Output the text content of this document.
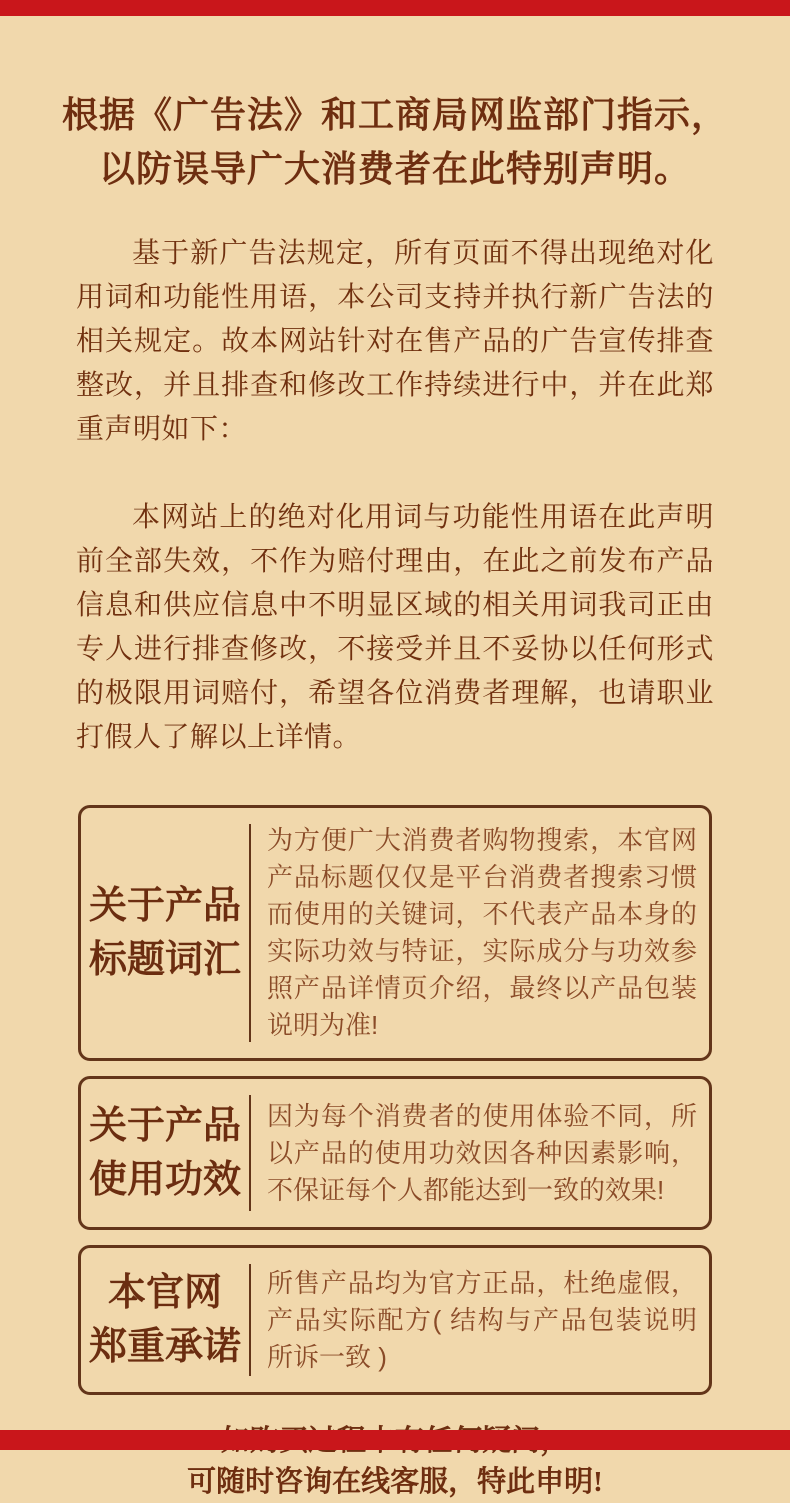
根据《广告法》和工商局网监部门指示，
以防误导广大消费者在此特别声明。

基于新广告法规定，所有页面不得出现绝对化用词和功能性用语，本公司支持并执行新广告法的相关规定。故本网站针对在售产品的广告宣传排查整改，并且排查和修改工作持续进行中，并在此郑重声明如下：

本网站上的绝对化用词与功能性用语在此声明前全部失效，不作为赔付理由，在此之前发布产品信息和供应信息中不明显区域的相关用词我司正由专人进行排查修改，不接受并且不妥协以任何形式的极限用词赔付，希望各位消费者理解，也请职业打假人了解以上详情。

关于产品
标题词汇
为方便广大消费者购物搜索，本官网产品标题仅仅是平台消费者搜索习惯而使用的关键词，不代表产品本身的实际功效与特证，实际成分与功效参照产品详情页介绍，最终以产品包装说明为准!
关于产品
使用功效
因为每个消费者的使用体验不同，所以产品的使用功效因各种因素影响，不保证每个人都能达到一致的效果!
本官网
郑重承诺
所售产品均为官方正品，杜绝虚假，产品实际配方( 结构与产品包装说明所诉一致 )

可随时咨询在线客服，特此申明!
